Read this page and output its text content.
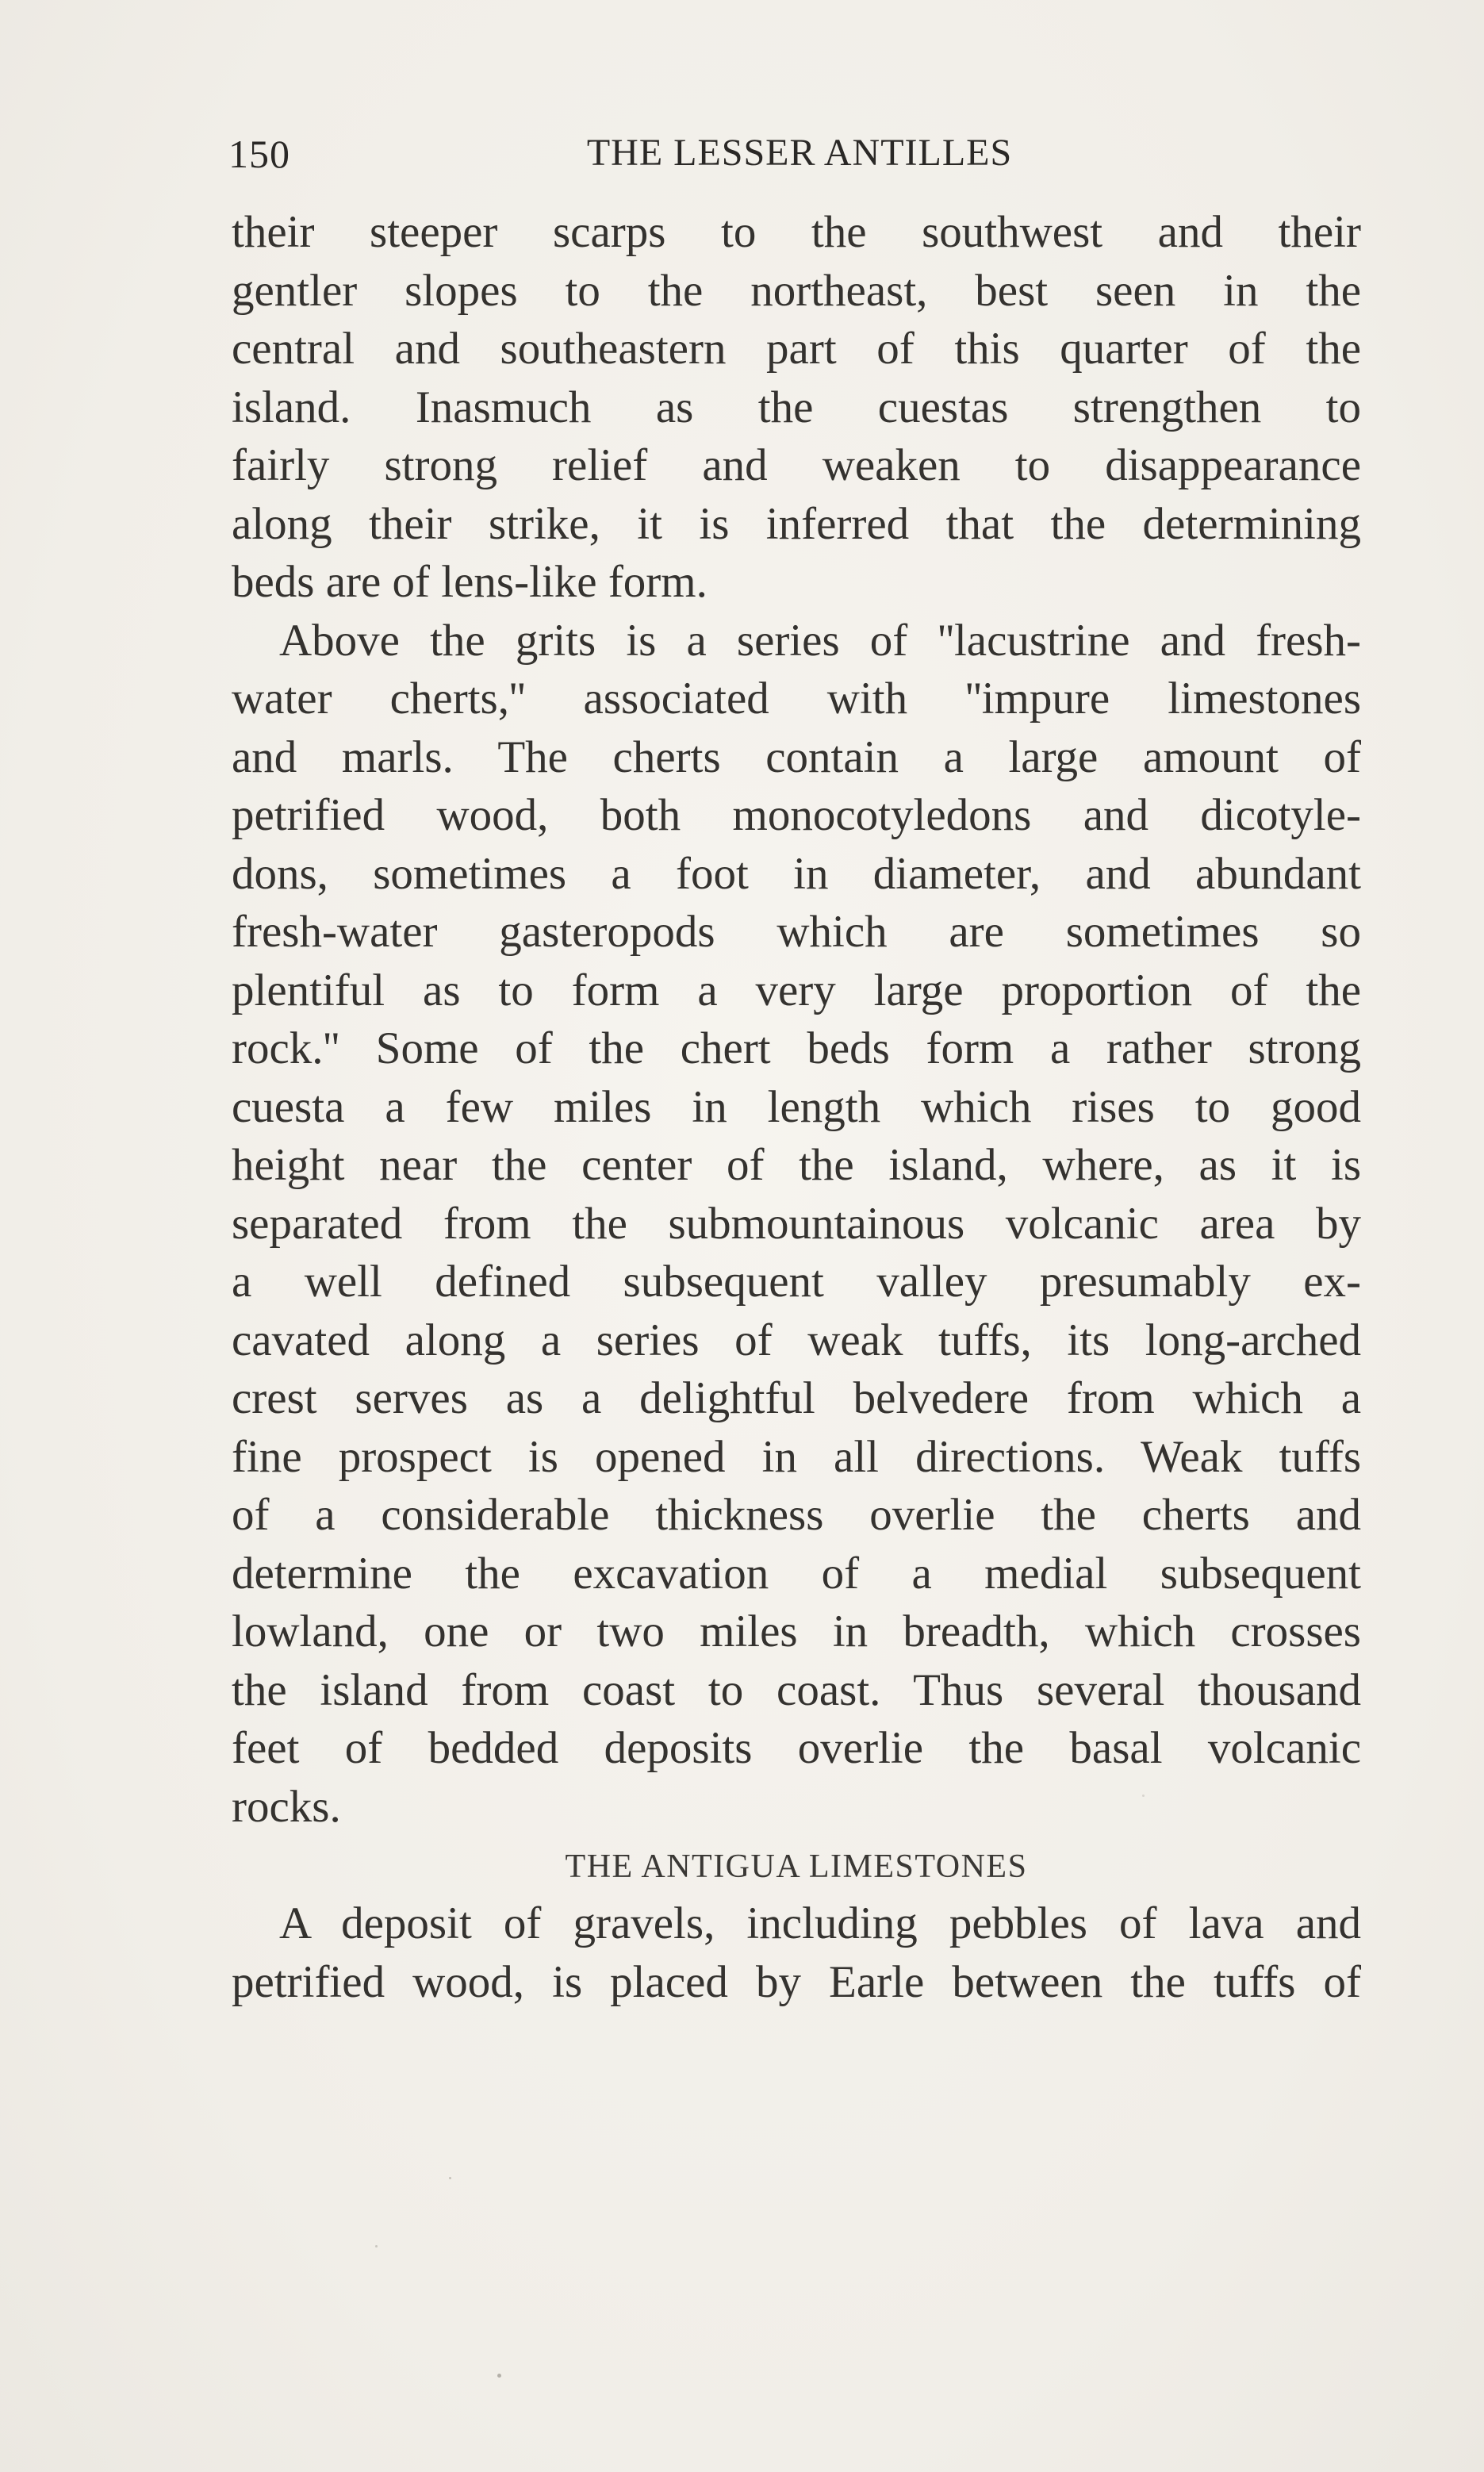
150	THE LESSER ANTILLES
their steeper scarps to the southwest and their
gentler slopes to the northeast, best seen in the
central and southeastern part of this quarter of the
island. Inasmuch as the cuestas strengthen to
fairly strong relief and weaken to disappearance
along their strike, it is inferred that the determining
beds are of lens-like form.
Above the grits is a series of ''lacustrine and fresh-
water cherts,'' associated with ''impure limestones
and marls. The cherts contain a large amount of
petrified wood, both monocotyledons and dicotyle-
dons, sometimes a foot in diameter, and abundant
fresh-water gasteropods which are sometimes so
plentiful as to form a very large proportion of the
rock.'' Some of the chert beds form a rather strong
cuesta a few miles in length which rises to good
height near the center of the island, where, as it is
separated from the submountainous volcanic area by
a well defined subsequent valley presumably ex-
cavated along a series of weak tuffs, its long-arched
crest serves as a delightful belvedere from which a
fine prospect is opened in all directions. Weak tuffs
of a considerable thickness overlie the cherts and
determine the excavation of a medial subsequent
lowland, one or two miles in breadth, which crosses
the island from coast to coast. Thus several thousand
feet of bedded deposits overlie the basal volcanic
rocks.
THE ANTIGUA LIMESTONES
A deposit of gravels, including pebbles of lava and
petrified wood, is placed by Earle between the tuffs of
